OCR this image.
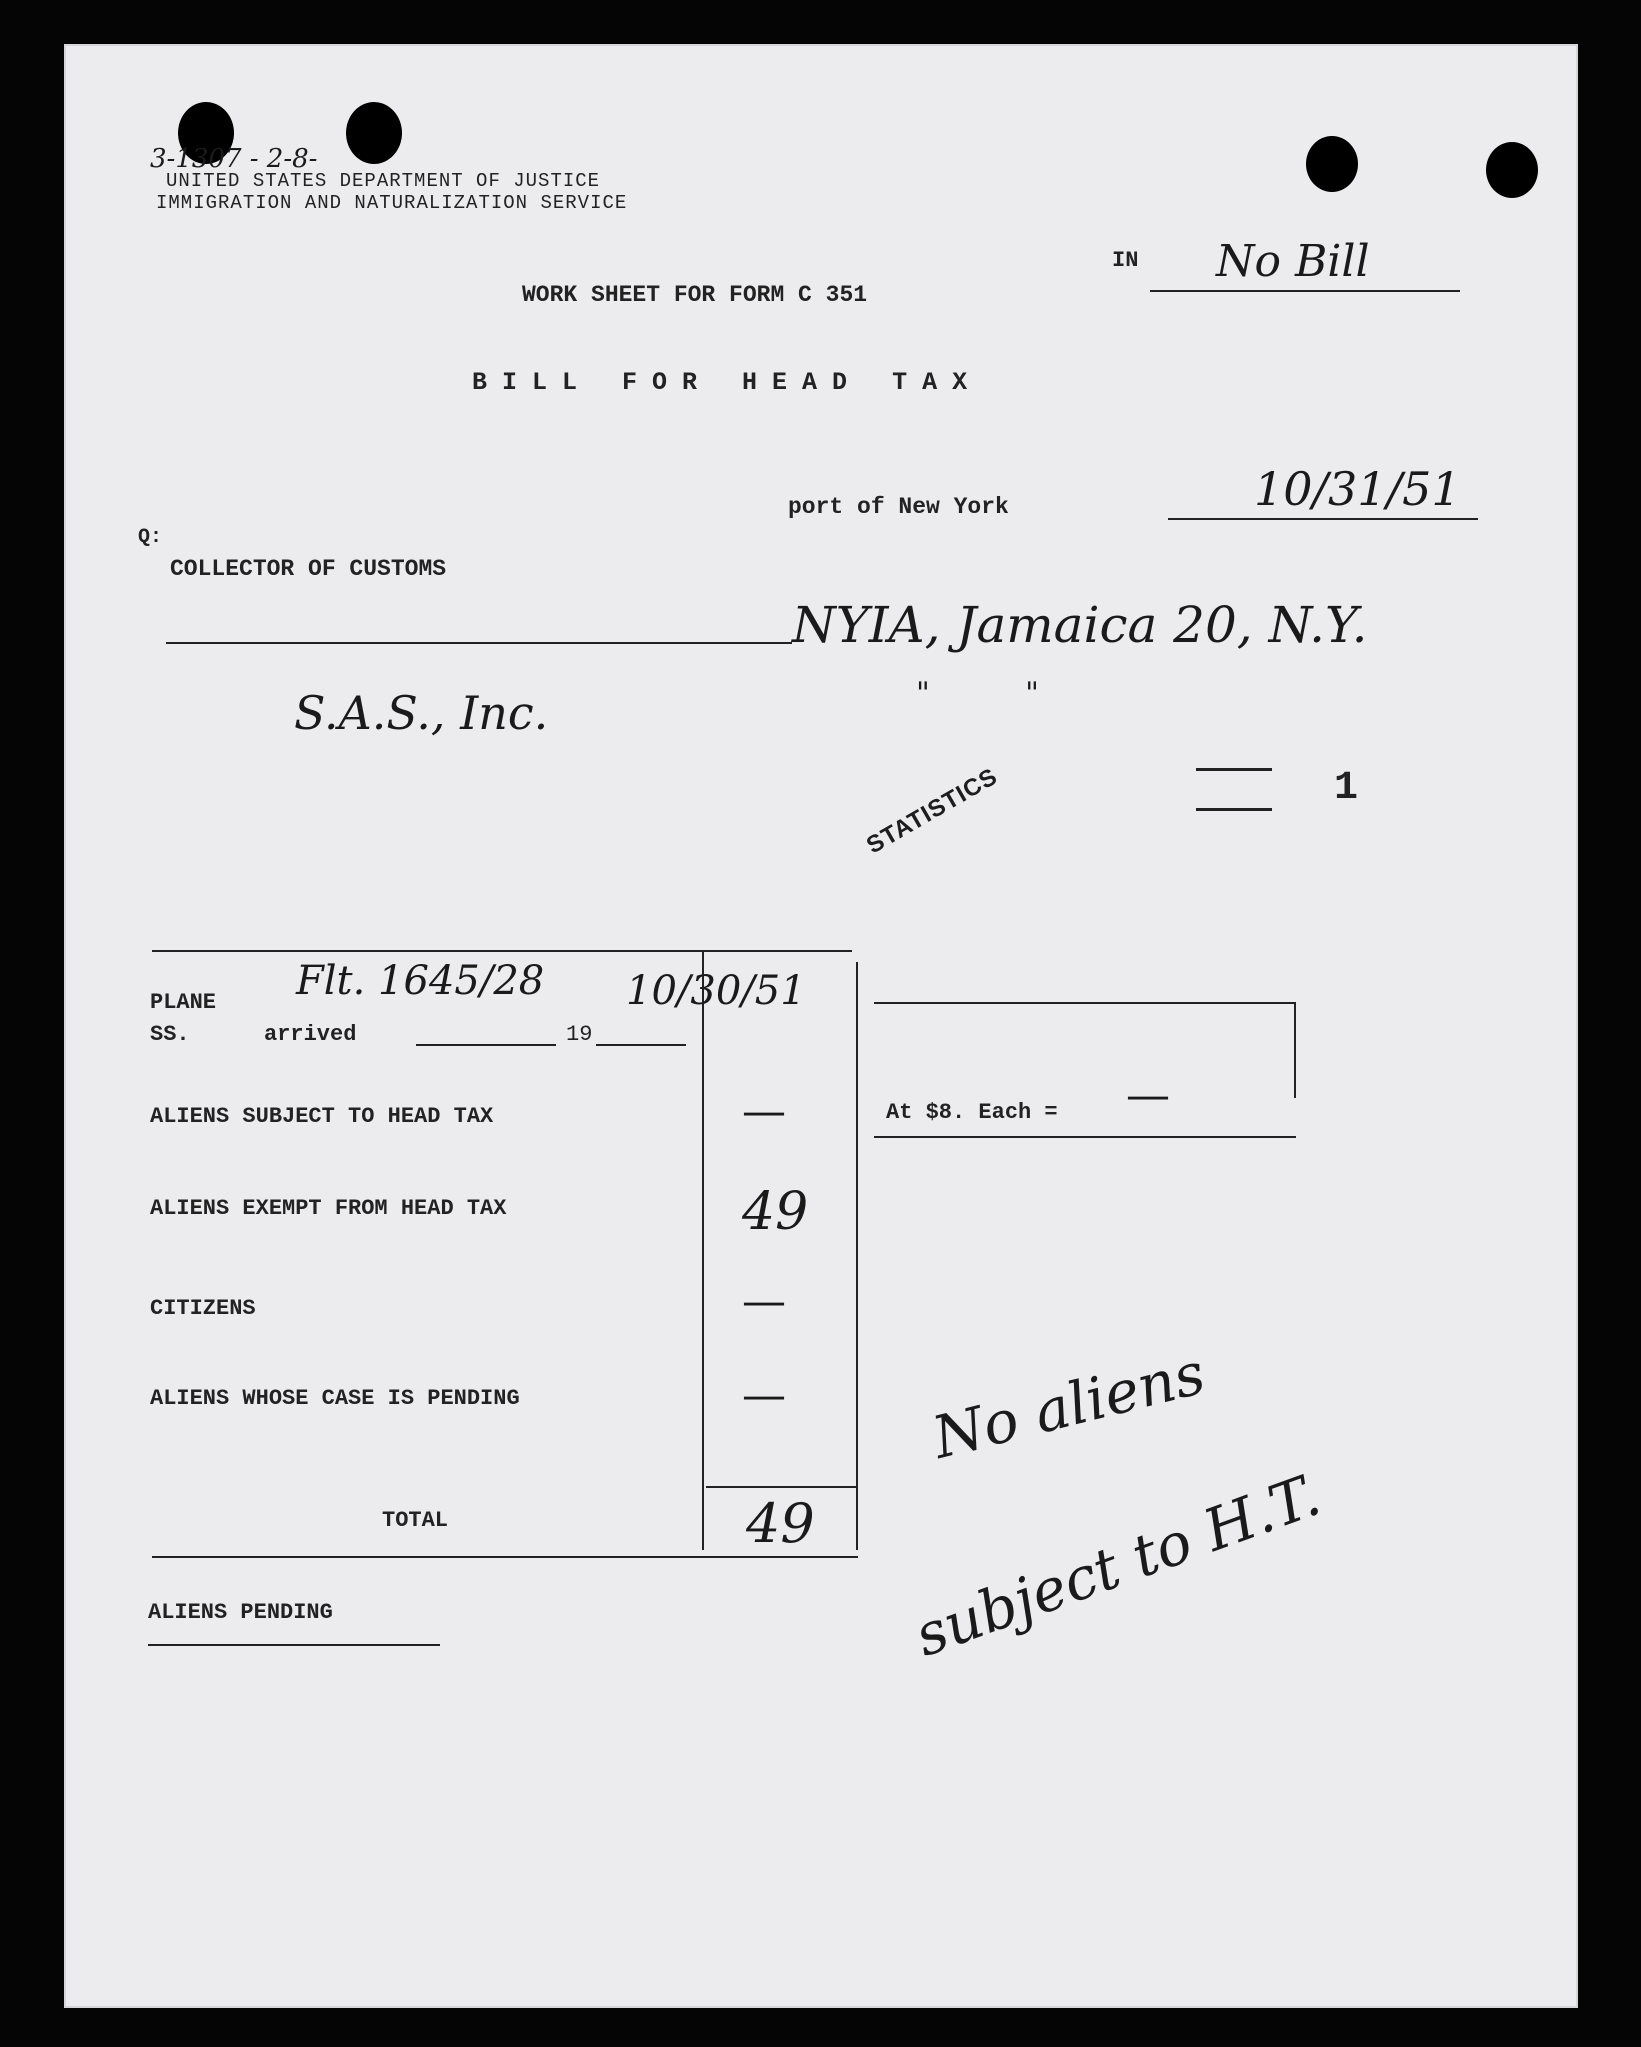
3-1307 - 2-8-
UNITED STATES DEPARTMENT OF JUSTICE
IMMIGRATION AND NATURALIZATION SERVICE
IN No Bill
WORK SHEET FOR FORM C 351
B I L L   F O R   H E A D   T A X
port of New York	10/31/51
Q:
COLLECTOR OF CUSTOMS
NYIA, Jamaica 20, N.Y.
"          "
S.A.S., Inc.
STATISTICS	1
PLANE
SS.	arrived	19
Flt. 1645/28 10/30/51
ALIENS SUBJECT TO HEAD TAX	—
ALIENS EXEMPT FROM HEAD TAX	49
CITIZENS	—
ALIENS WHOSE CASE IS PENDING	—
TOTAL	49
At $8. Each = —
ALIENS PENDING
No aliens
subject to H.T.
